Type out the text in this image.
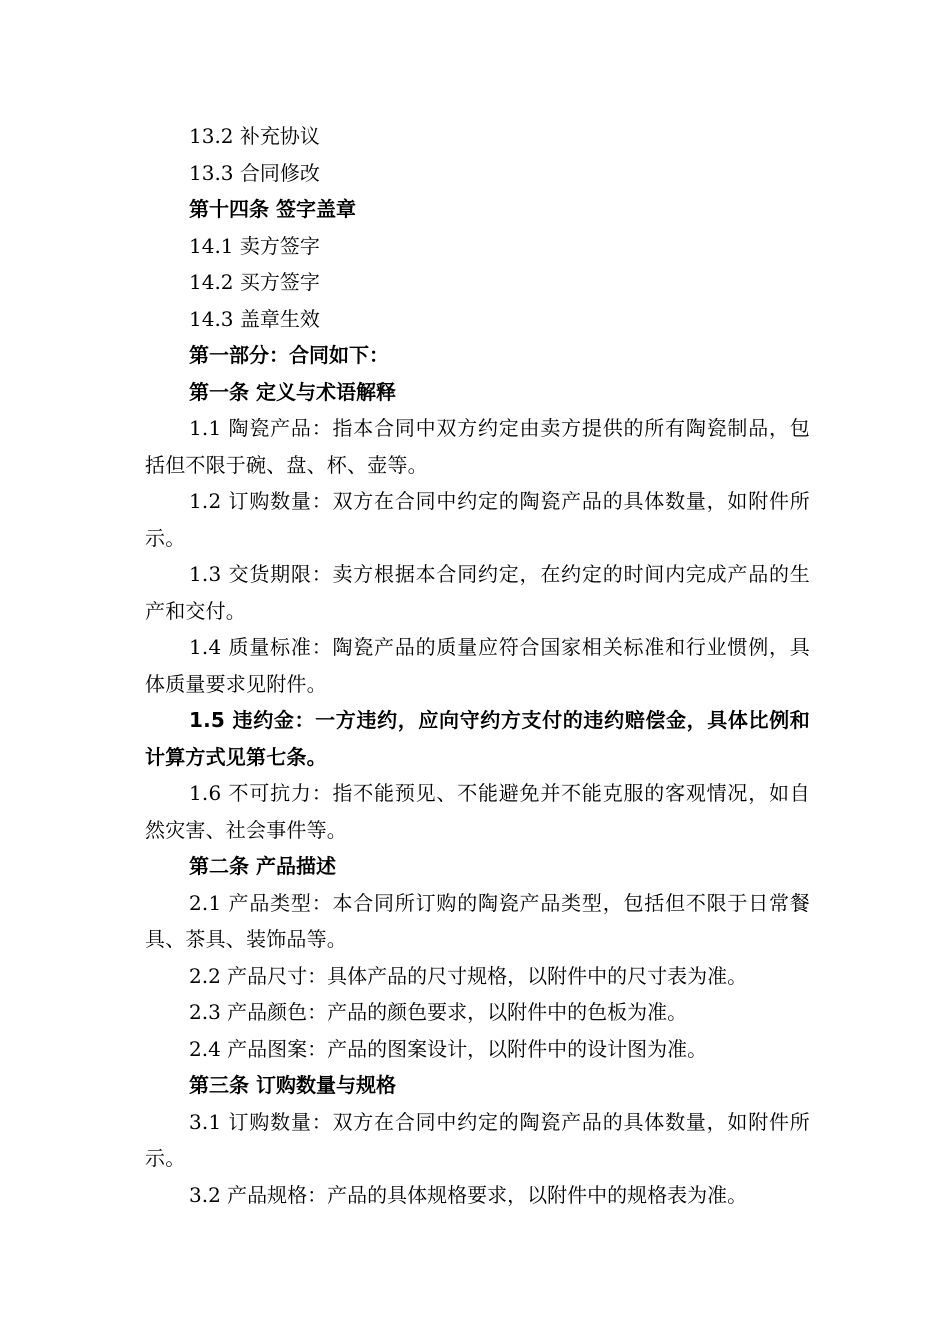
13.2 补充协议
13.3 合同修改
第十四条 签字盖章
14.1 卖方签字
14.2 买方签字
14.3 盖章生效
第一部分：合同如下：
第一条 定义与术语解释
1.1 陶瓷产品：指本合同中双方约定由卖方提供的所有陶瓷制品，包括但不限于碗、盘、杯、壶等。
1.2 订购数量：双方在合同中约定的陶瓷产品的具体数量，如附件所示。
1.3 交货期限：卖方根据本合同约定，在约定的时间内完成产品的生产和交付。
1.4 质量标准：陶瓷产品的质量应符合国家相关标准和行业惯例，具体质量要求见附件。
1.5 违约金：一方违约，应向守约方支付的违约赔偿金，具体比例和计算方式见第七条。
1.6 不可抗力：指不能预见、不能避免并不能克服的客观情况，如自然灾害、社会事件等。
第二条 产品描述
2.1 产品类型：本合同所订购的陶瓷产品类型，包括但不限于日常餐具、茶具、装饰品等。
2.2 产品尺寸：具体产品的尺寸规格，以附件中的尺寸表为准。
2.3 产品颜色：产品的颜色要求，以附件中的色板为准。
2.4 产品图案：产品的图案设计，以附件中的设计图为准。
第三条 订购数量与规格
3.1 订购数量：双方在合同中约定的陶瓷产品的具体数量，如附件所示。
3.2 产品规格：产品的具体规格要求，以附件中的规格表为准。
